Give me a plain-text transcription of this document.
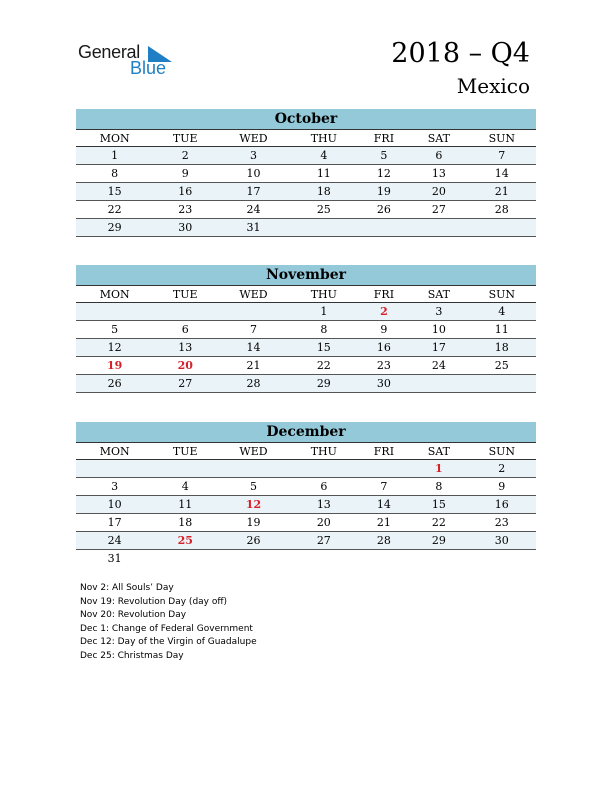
General
Blue	2018 – Q4
Mexico
October						
MON	TUE	WED	THU	FRI	SAT	SUN
1	2	3	4	5	6	7
8	9	10	11	12	13	14
15	16	17	18	19	20	21
22	23	24	25	26	27	28
29	30	31				
November						
MON	TUE	WED	THU	FRI	SAT	SUN
			1	2	3	4
5	6	7	8	9	10	11
12	13	14	15	16	17	18
19	20	21	22	23	24	25
26	27	28	29	30		
December						
MON	TUE	WED	THU	FRI	SAT	SUN
					1	2
3	4	5	6	7	8	9
10	11	12	13	14	15	16
17	18	19	20	21	22	23
24	25	26	27	28	29	30
31						
Nov 2: All Souls’ Day
Nov 19: Revolution Day (day off)
Nov 20: Revolution Day
Dec 1: Change of Federal Government
Dec 12: Day of the Virgin of Guadalupe
Dec 25: Christmas Day
